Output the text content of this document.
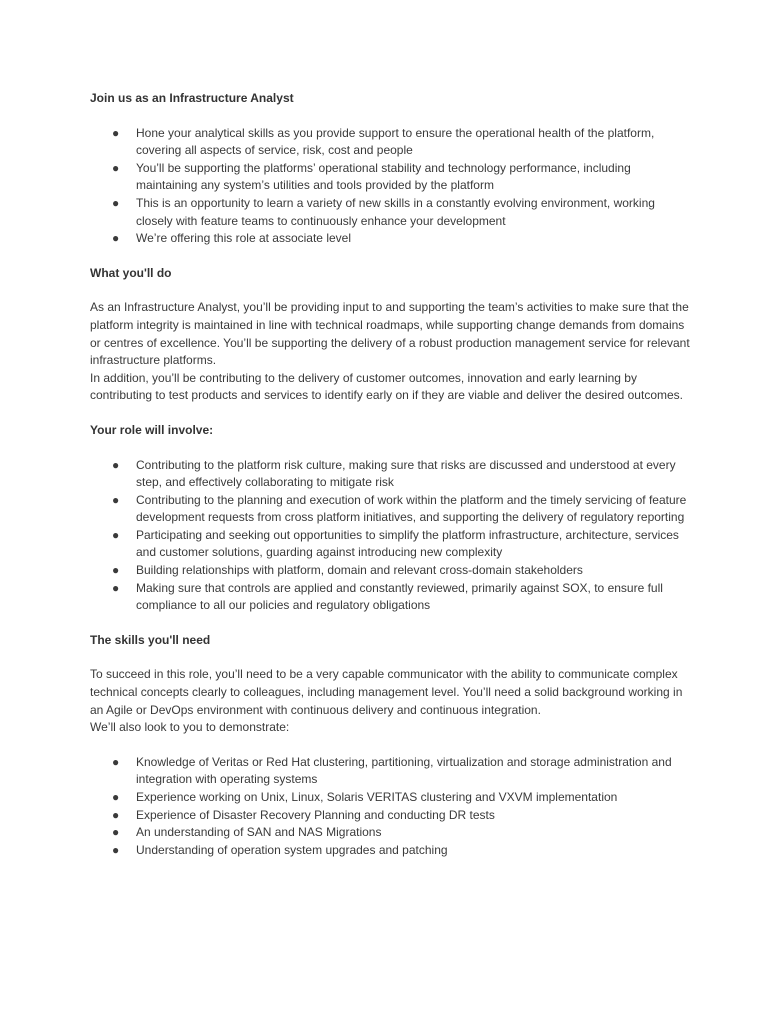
Join us as an Infrastructure Analyst
● Hone your analytical skills as you provide support to ensure the operational health of the platform, covering all aspects of service, risk, cost and people
● You’ll be supporting the platforms’ operational stability and technology performance, including maintaining any system’s utilities and tools provided by the platform
● This is an opportunity to learn a variety of new skills in a constantly evolving environment, working closely with feature teams to continuously enhance your development
● We’re offering this role at associate level
What you'll do

As an Infrastructure Analyst, you’ll be providing input to and supporting the team’s activities to make sure that the platform integrity is maintained in line with technical roadmaps, while supporting change demands from domains or centres of excellence. You’ll be supporting the delivery of a robust production management service for relevant infrastructure platforms.

In addition, you’ll be contributing to the delivery of customer outcomes, innovation and early learning by contributing to test products and services to identify early on if they are viable and deliver the desired outcomes.

Your role will involve:
● Contributing to the platform risk culture, making sure that risks are discussed and understood at every step, and effectively collaborating to mitigate risk
● Contributing to the planning and execution of work within the platform and the timely servicing of feature development requests from cross platform initiatives, and supporting the delivery of regulatory reporting
● Participating and seeking out opportunities to simplify the platform infrastructure, architecture, services and customer solutions, guarding against introducing new complexity
● Building relationships with platform, domain and relevant cross-domain stakeholders
● Making sure that controls are applied and constantly reviewed, primarily against SOX, to ensure full compliance to all our policies and regulatory obligations
The skills you'll need

To succeed in this role, you’ll need to be a very capable communicator with the ability to communicate complex technical concepts clearly to colleagues, including management level. You’ll need a solid background working in an Agile or DevOps environment with continuous delivery and continuous integration.

We’ll also look to you to demonstrate:

● Knowledge of Veritas or Red Hat clustering, partitioning, virtualization and storage administration and integration with operating systems
● Experience working on Unix, Linux, Solaris VERITAS clustering and VXVM implementation
● Experience of Disaster Recovery Planning and conducting DR tests
● An understanding of SAN and NAS Migrations
● Understanding of operation system upgrades and patching
